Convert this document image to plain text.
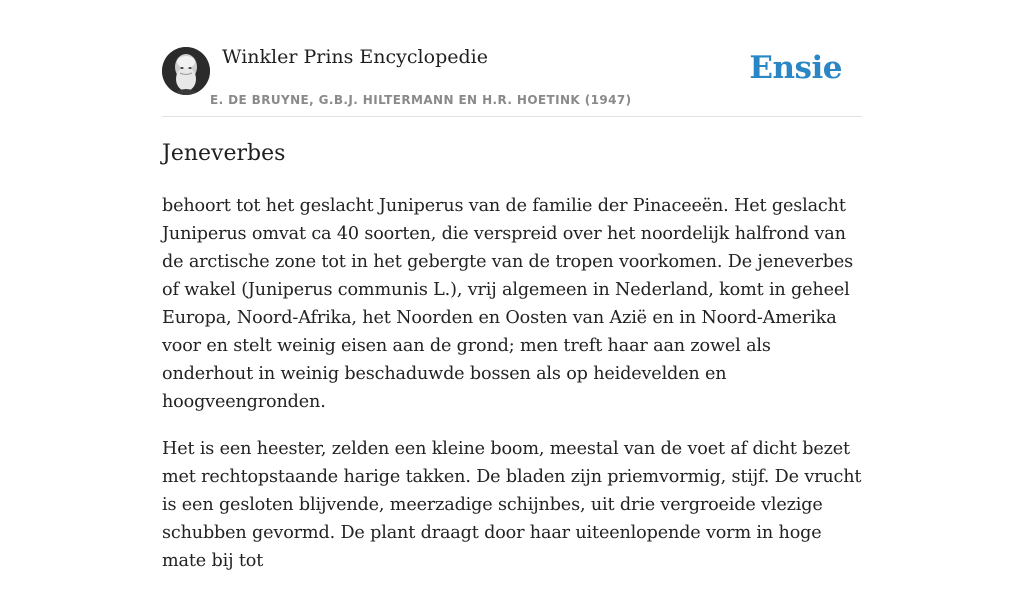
Winkler Prins Encyclopedie
E. DE BRUYNE, G.B.J. HILTERMANN EN H.R. HOETINK (1947)
Ensie
Jeneverbes

behoort tot het geslacht Juniperus van de familie der Pinaceeën. Het geslacht Juniperus omvat ca 40 soorten, die verspreid over het noordelijk halfrond van de arctische zone tot in het gebergte van de tropen voorkomen. De jeneverbes of wakel (Juniperus communis L.), vrij algemeen in Nederland, komt in geheel Europa, Noord-Afrika, het Noorden en Oosten van Azië en in Noord-Amerika voor en stelt weinig eisen aan de grond; men treft haar aan zowel als onderhout in weinig beschaduwde bossen als op heidevelden en hoogveengronden.

Het is een heester, zelden een kleine boom, meestal van de voet af dicht bezet met rechtopstaande harige takken. De bladen zijn priemvormig, stijf. De vrucht is een gesloten blijvende, meerzadige schijnbes, uit drie vergroeide vlezige schubben gevormd. De plant draagt door haar uiteenlopende vorm in hoge mate bij tot
